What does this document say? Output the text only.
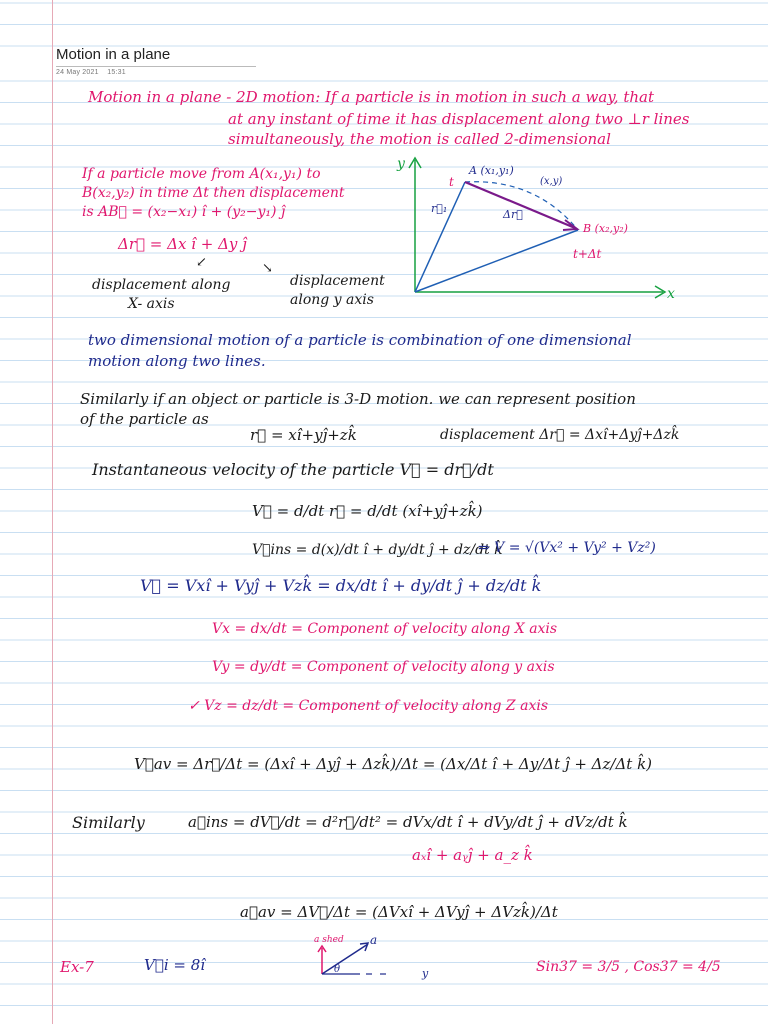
Motion in a plane
24 May 2021 15:31
Motion in a plane - 2D motion: If a particle is in motion in such a way, that
at any instant of time it has displacement along two ⊥r lines
simultaneously, the motion is called 2-dimensional
If a particle move from A(x₁,y₁) to
B(x₂,y₂) in time Δt then displacement
is AB⃗ = (x₂−x₁) î + (y₂−y₁) ĵ
Δr⃗ = Δx î + Δy ĵ
↙	↘
displacement along
X- axis
displacement
along y axis
y
x
A (x₁,y₁)
(x,y)
B (x₂,y₂)
t
t+Δt
r⃗₁	Δr⃗
two dimensional motion of a particle is combination of one dimensional
motion along two lines.
Similarly if an object or particle is 3-D motion. we can represent position
of the particle as
r⃗ = xî+yĵ+zk̂	displacement Δr⃗ = Δxî+Δyĵ+Δzk̂
Instantaneous velocity of the particle V⃗ = dr⃗/dt
V⃗ = d/dt r⃗ = d/dt (xî+yĵ+zk̂)
V⃗ins = d(x)/dt î + dy/dt ĵ + dz/dt k̂
⇒ V = √(Vx² + Vy² + Vz²)
V⃗ = Vxî + Vyĵ + Vzk̂ = dx/dt î + dy/dt ĵ + dz/dt k̂
Vx = dx/dt = Component of velocity along X axis
Vy = dy/dt = Component of velocity along y axis
✓ Vz = dz/dt = Component of velocity along Z axis
V⃗av = Δr⃗/Δt = (Δxî + Δyĵ + Δzk̂)/Δt = (Δx/Δt î + Δy/Δt ĵ + Δz/Δt k̂)
Similarly	a⃗ins = dV⃗/dt = d²r⃗/dt² = dVx/dt î + dVy/dt ĵ + dVz/dt k̂
aₓî + aᵧĵ + a_z k̂
a⃗av = ΔV⃗/Δt = (ΔVxî + ΔVyĵ + ΔVzk̂)/Δt
Ex-7	V⃗i = 8î
a shed a
θ	y	Sin37 = 3/5 , Cos37 = 4/5
